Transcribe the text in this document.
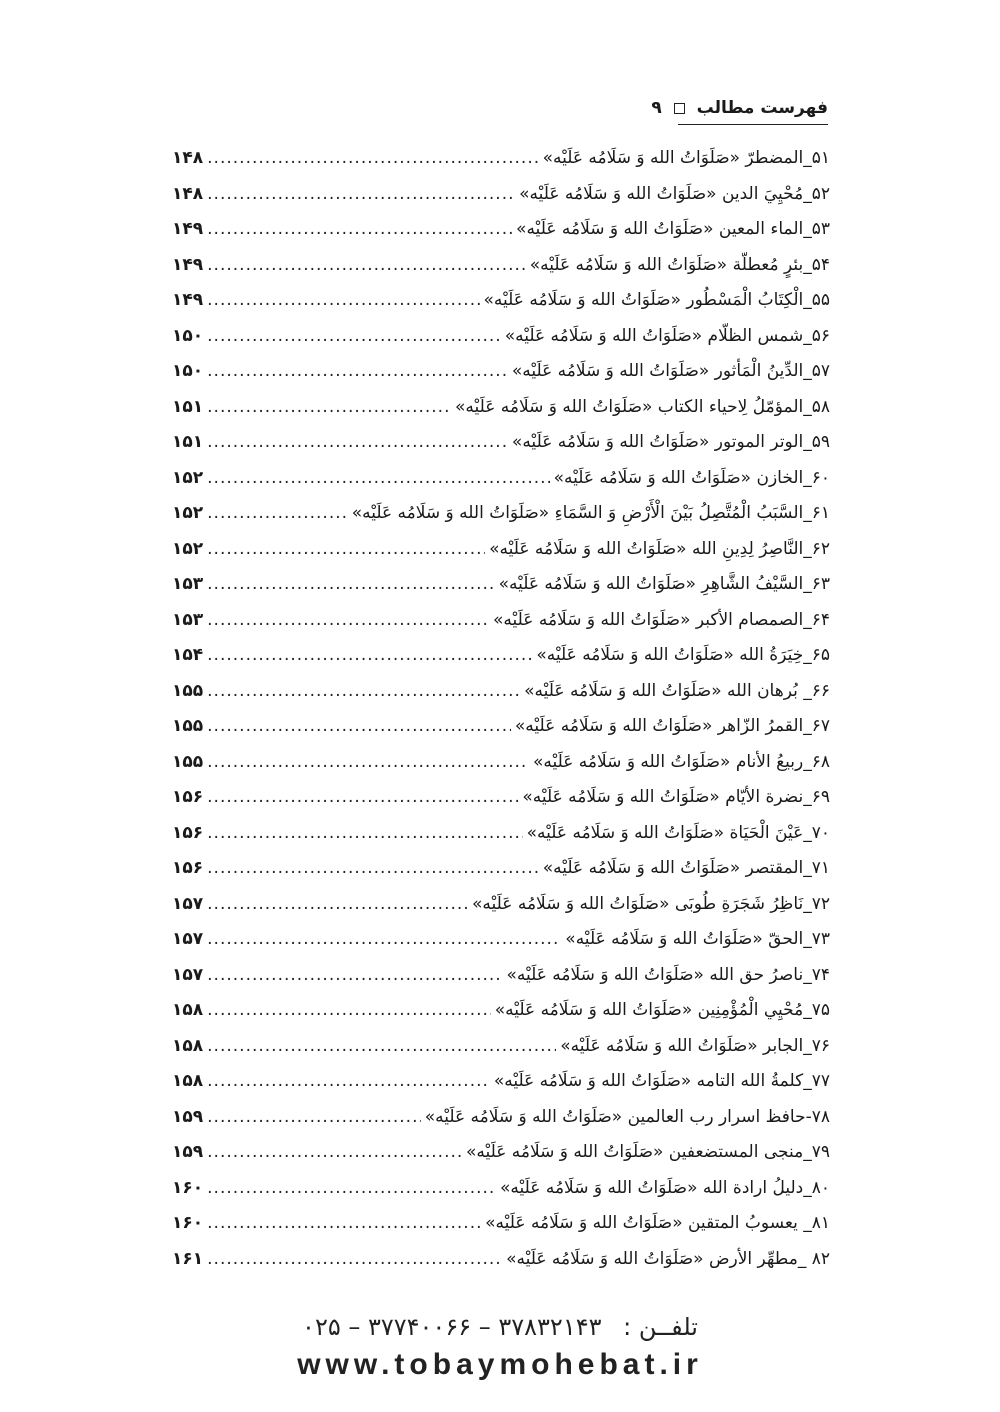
فهرست مطالب  ۹
۵۱_المضطرّ «صَلَوَاتُ الله وَ سَلَامُه عَلَيْه»
.....
۱۴۸
۵۲_مُحْيِيَ الدين «صَلَوَاتُ الله وَ سَلَامُه عَلَيْه»
.....
۱۴۸
۵۳_الماء المعين «صَلَوَاتُ الله وَ سَلَامُه عَلَيْه»
.....
۱۴۹
۵۴_بئرٍ مُعطلّة «صَلَوَاتُ الله وَ سَلَامُه عَلَيْه»
.....
۱۴۹
۵۵_الْكِتَابُ الْمَسْطُور «صَلَوَاتُ الله وَ سَلَامُه عَلَيْه»
.....
۱۴۹
۵۶_شمس الظلّام «صَلَوَاتُ الله وَ سَلَامُه عَلَيْه»
.....
۱۵۰
۵۷_الدِّينُ الْمَأثور «صَلَوَاتُ الله وَ سَلَامُه عَلَيْه»
.....
۱۵۰
۵۸_المؤمّلُ لِاحياء الكتاب «صَلَوَاتُ الله وَ سَلَامُه عَلَيْه»
.....
۱۵۱
۵۹_الوتر الموتور «صَلَوَاتُ الله وَ سَلَامُه عَلَيْه»
.....
۱۵۱
۶۰_الخازن «صَلَوَاتُ الله وَ سَلَامُه عَلَيْه»
.....
۱۵۲
۶۱_السَّبَبُ الْمُتَّصِلُ بَيْنَ الْأَرْضِ وَ السَّمَاءِ «صَلَوَاتُ الله وَ سَلَامُه عَلَيْه»
.....
۱۵۲
۶۲_النَّاصِرُ لِدِينِ الله «صَلَوَاتُ الله وَ سَلَامُه عَلَيْه»
.....
۱۵۲
۶۳_السَّيْفُ الشَّاهِرِ «صَلَوَاتُ الله وَ سَلَامُه عَلَيْه»
.....
۱۵۳
۶۴_الصمصام الأكبر «صَلَوَاتُ الله وَ سَلَامُه عَلَيْه»
.....
۱۵۳
۶۵_خِيَرَةُ الله «صَلَوَاتُ الله وَ سَلَامُه عَلَيْه»
.....
۱۵۴
۶۶_ بُرهان الله «صَلَوَاتُ الله وَ سَلَامُه عَلَيْه»
.....
۱۵۵
۶۷_القمرُ الزّاهر «صَلَوَاتُ الله وَ سَلَامُه عَلَيْه»
.....
۱۵۵
۶۸_ربيعُ الأنام «صَلَوَاتُ الله وَ سَلَامُه عَلَيْه»
.....
۱۵۵
۶۹_نضرة الأيّام «صَلَوَاتُ الله وَ سَلَامُه عَلَيْه»
.....
۱۵۶
۷۰_عَيْنَ الْحَيَاة «صَلَوَاتُ الله وَ سَلَامُه عَلَيْه»
.....
۱۵۶
۷۱_المقتصر «صَلَوَاتُ الله وَ سَلَامُه عَلَيْه»
.....
۱۵۶
۷۲_نَاظِرُ شَجَرَةِ طُوبَى «صَلَوَاتُ الله وَ سَلَامُه عَلَيْه»
.....
۱۵۷
۷۳_الحقّ «صَلَوَاتُ الله وَ سَلَامُه عَلَيْه»
.....
۱۵۷
۷۴_ناصرُ حق الله «صَلَوَاتُ الله وَ سَلَامُه عَلَيْه»
.....
۱۵۷
۷۵_مُحْيِي الْمُؤْمِنِين «صَلَوَاتُ الله وَ سَلَامُه عَلَيْه»
.....
۱۵۸
۷۶_الجابر «صَلَوَاتُ الله وَ سَلَامُه عَلَيْه»
.....
۱۵۸
۷۷_كلمةُ الله التامه «صَلَوَاتُ الله وَ سَلَامُه عَلَيْه»
.....
۱۵۸
۷۸-حافظ اسرار رب العالمين «صَلَوَاتُ الله وَ سَلَامُه عَلَيْه»
.....
۱۵۹
۷۹_منجى المستضعفين «صَلَوَاتُ الله وَ سَلَامُه عَلَيْه»
.....
۱۵۹
۸۰_دليلُ ارادة الله «صَلَوَاتُ الله وَ سَلَامُه عَلَيْه»
.....
۱۶۰
۸۱_ يعسوبُ المتقين «صَلَوَاتُ الله وَ سَلَامُه عَلَيْه»
.....
۱۶۰
۸۲ _مطهِّر الأرض «صَلَوَاتُ الله وَ سَلَامُه عَلَيْه»
.....
۱۶۱
تلفــن : ۰۲۵ – ۳۷۷۴۰۰۶۶ – ۳۷۸۳۲۱۴۳
www.tobaymohebat.ir
